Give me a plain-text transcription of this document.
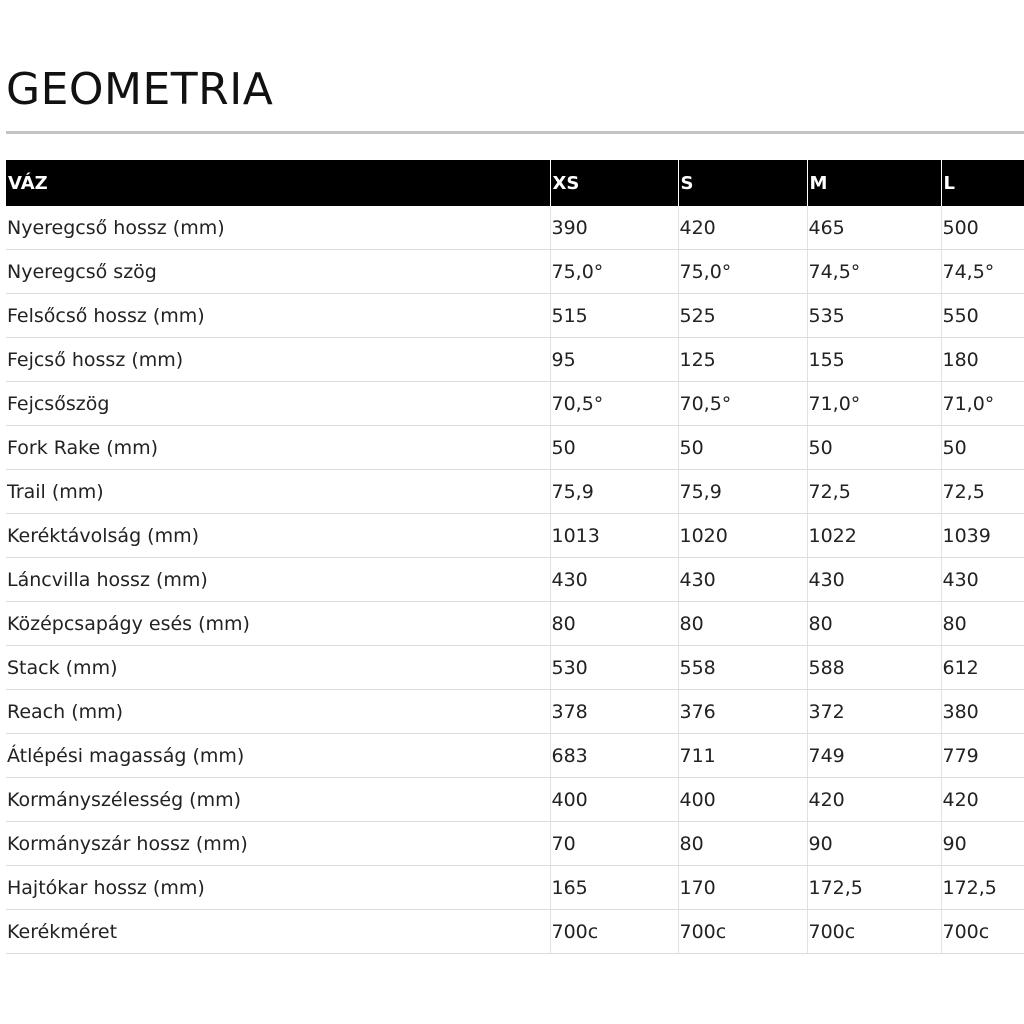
GEOMETRIA
VÁZ	XS	S	M	L
Nyeregcső hossz (mm)	390	420	465	500
Nyeregcső szög	75,0°	75,0°	74,5°	74,5°
Felsőcső hossz (mm)	515	525	535	550
Fejcső hossz (mm)	95	125	155	180
Fejcsőszög	70,5°	70,5°	71,0°	71,0°
Fork Rake (mm)	50	50	50	50
Trail (mm)	75,9	75,9	72,5	72,5
Keréktávolság (mm)	1013	1020	1022	1039
Láncvilla hossz (mm)	430	430	430	430
Középcsapágy esés (mm)	80	80	80	80
Stack (mm)	530	558	588	612
Reach (mm)	378	376	372	380
Átlépési magasság (mm)	683	711	749	779
Kormányszélesség (mm)	400	400	420	420
Kormányszár hossz (mm)	70	80	90	90
Hajtókar hossz (mm)	165	170	172,5	172,5
Kerékméret	700c	700c	700c	700c
